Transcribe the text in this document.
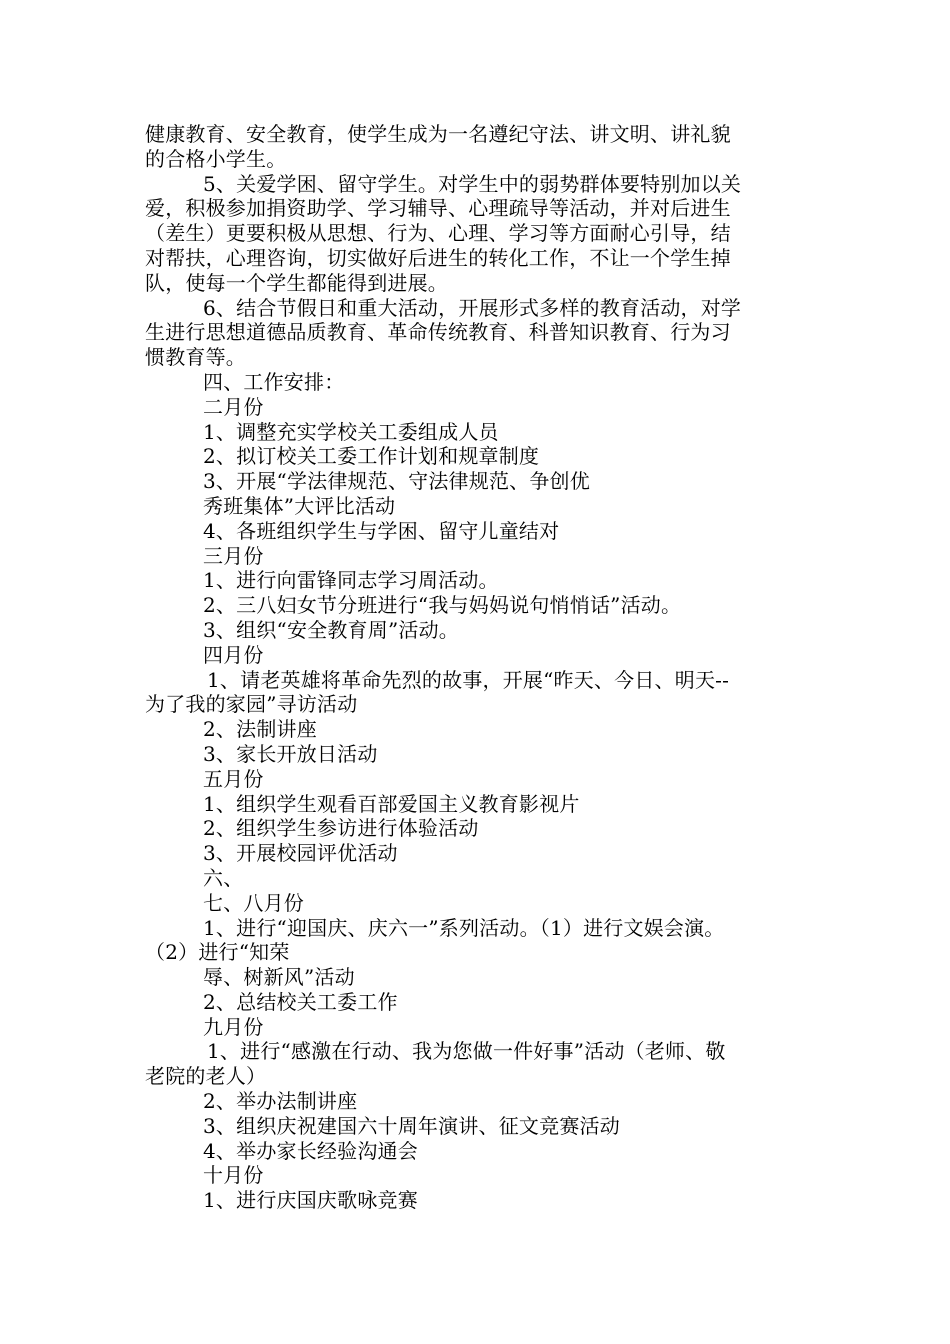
健康教育、安全教育，使学生成为一名遵纪守法、讲文明、讲礼貌
的合格小学生。
5、关爱学困、留守学生。对学生中的弱势群体要特别加以关
爱，积极参加捐资助学、学习辅导、心理疏导等活动，并对后进生
（差生）更要积极从思想、行为、心理、学习等方面耐心引导，结
对帮扶，心理咨询，切实做好后进生的转化工作，不让一个学生掉
队，使每一个学生都能得到进展。
6、结合节假日和重大活动，开展形式多样的教育活动，对学
生进行思想道德品质教育、革命传统教育、科普知识教育、行为习
惯教育等。
四、工作安排：
二月份
1、调整充实学校关工委组成人员
2、拟订校关工委工作计划和规章制度
3、开展“学法律规范、守法律规范、争创优
秀班集体”大评比活动
4、各班组织学生与学困、留守儿童结对
三月份
1、进行向雷锋同志学习周活动。
2、三八妇女节分班进行“我与妈妈说句悄悄话”活动。
3、组织“安全教育周”活动。
四月份
1、请老英雄将革命先烈的故事，开展“昨天、今日、明天--
为了我的家园”寻访活动
2、法制讲座
3、家长开放日活动
五月份
1、组织学生观看百部爱国主义教育影视片
2、组织学生参访进行体验活动
3、开展校园评优活动
六、
七、八月份
1、进行“迎国庆、庆六一”系列活动。（1）进行文娱会演。
（2）进行“知荣
辱、树新风”活动
2、总结校关工委工作
九月份
1、进行“感激在行动、我为您做一件好事”活动（老师、敬
老院的老人）
2、举办法制讲座
3、组织庆祝建国六十周年演讲、征文竞赛活动
4、举办家长经验沟通会
十月份
1、进行庆国庆歌咏竞赛
